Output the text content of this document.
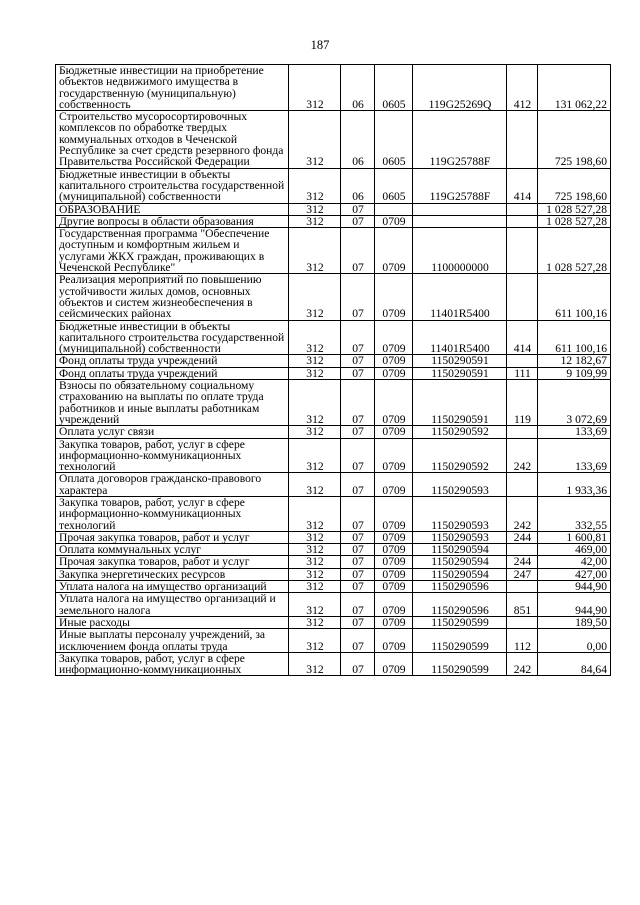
187
Бюджетные инвестиции на приобретение объектов недвижимого имущества в государственную (муниципальную) собственность	312	06	0605	119G25269Q	412	131 062,22
Строительство мусоросортировочных комплексов по обработке твердых коммунальных отходов в Чеченской Республике за счет средств резервного фонда Правительства Российской Федерации	312	06	0605	119G25788F		725 198,60
Бюджетные инвестиции в объекты капитального строительства государственной (муниципальной) собственности	312	06	0605	119G25788F	414	725 198,60
ОБРАЗОВАНИЕ	312	07				1 028 527,28
Другие вопросы в области образования	312	07	0709			1 028 527,28
Государственная программа "Обеспечение доступным и комфортным жильем и услугами ЖКХ граждан, проживающих в Чеченской Республике"	312	07	0709	1100000000		1 028 527,28
Реализация мероприятий по повышению устойчивости жилых домов, основных объектов и систем жизнеобеспечения в сейсмических районах	312	07	0709	11401R5400		611 100,16
Бюджетные инвестиции в объекты капитального строительства государственной (муниципальной) собственности	312	07	0709	11401R5400	414	611 100,16
Фонд оплаты труда учреждений	312	07	0709	1150290591		12 182,67
Фонд оплаты труда учреждений	312	07	0709	1150290591	111	9 109,99
Взносы по обязательному социальному страхованию на выплаты по оплате труда работников и иные выплаты работникам учреждений	312	07	0709	1150290591	119	3 072,69
Оплата услуг связи	312	07	0709	1150290592		133,69
Закупка товаров, работ, услуг в сфере информационно-коммуникационных технологий	312	07	0709	1150290592	242	133,69
Оплата договоров гражданско-правового характера	312	07	0709	1150290593		1 933,36
Закупка товаров, работ, услуг в сфере информационно-коммуникационных технологий	312	07	0709	1150290593	242	332,55
Прочая закупка товаров, работ и услуг	312	07	0709	1150290593	244	1 600,81
Оплата коммунальных услуг	312	07	0709	1150290594		469,00
Прочая закупка товаров, работ и услуг	312	07	0709	1150290594	244	42,00
Закупка энергетических ресурсов	312	07	0709	1150290594	247	427,00
Уплата налога на имущество организаций	312	07	0709	1150290596		944,90
Уплата налога на имущество организаций и земельного налога	312	07	0709	1150290596	851	944,90
Иные расходы	312	07	0709	1150290599		189,50
Иные выплаты персоналу учреждений, за исключением фонда оплаты труда	312	07	0709	1150290599	112	0,00
Закупка товаров, работ, услуг в сфере информационно-коммуникационных	312	07	0709	1150290599	242	84,64
